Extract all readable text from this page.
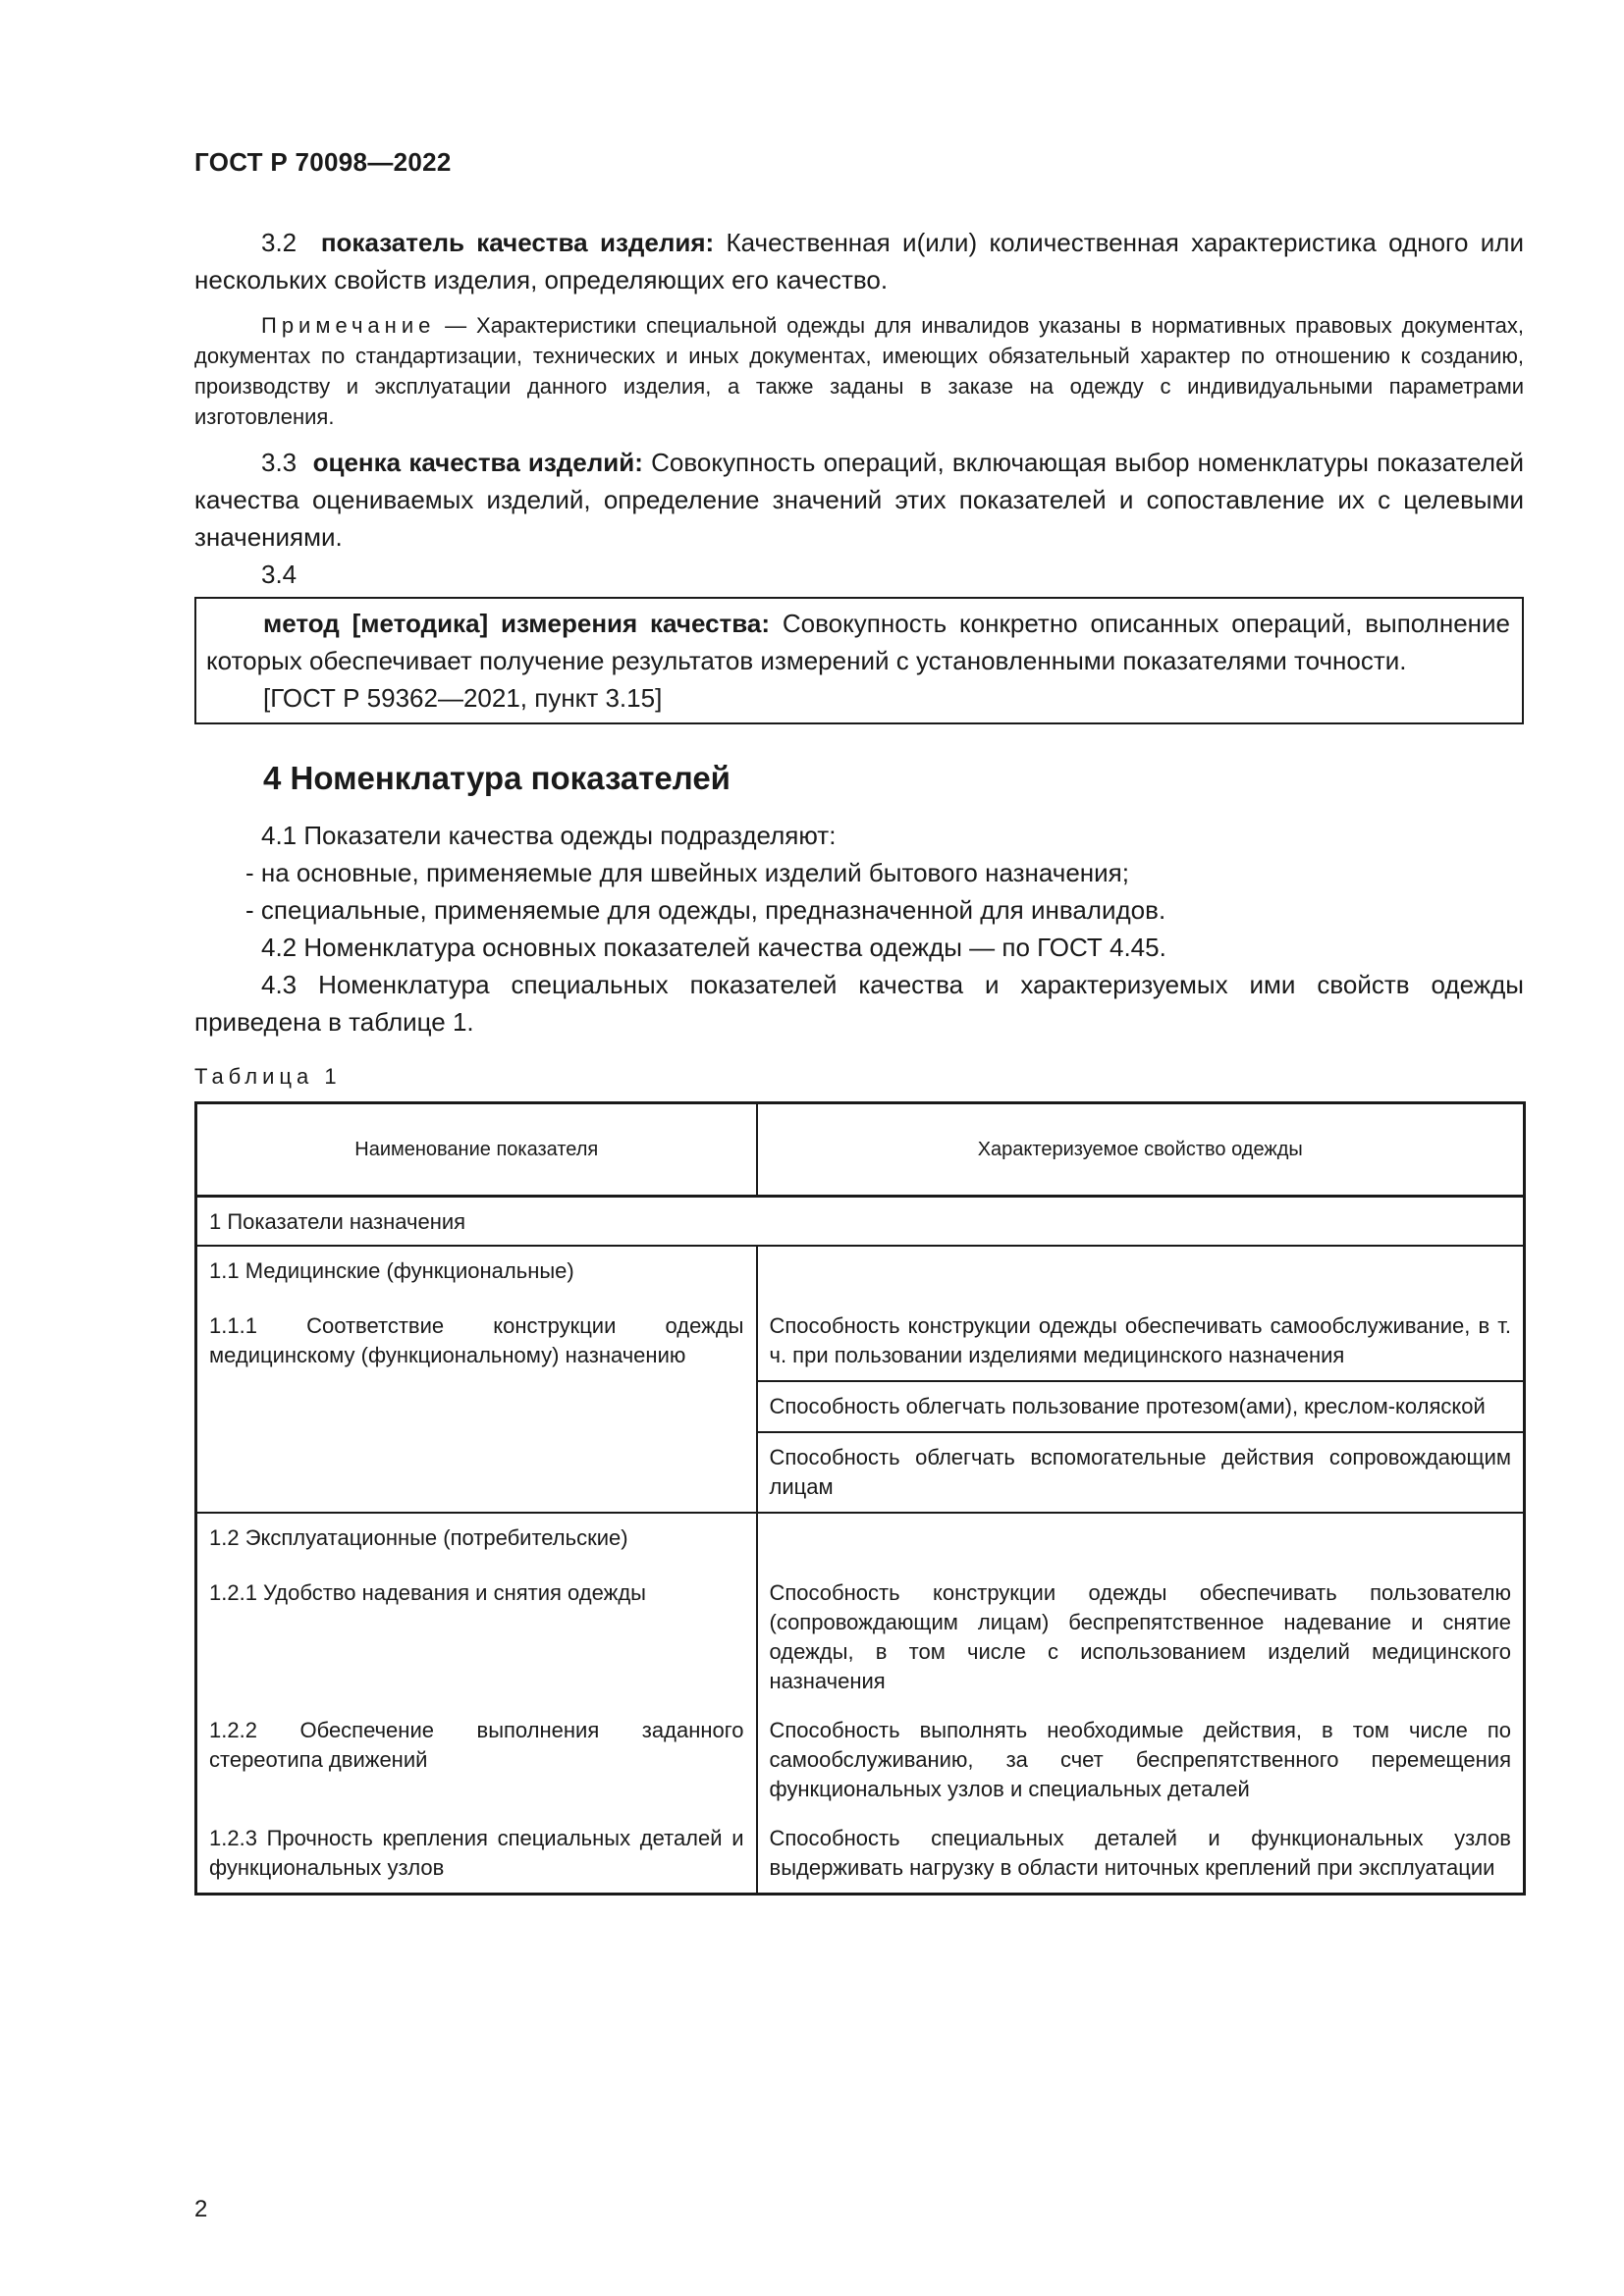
ГОСТ Р 70098—2022

3.2 показатель качества изделия: Качественная и(или) количественная характеристика одного или нескольких свойств изделия, определяющих его качество.

Примечание — Характеристики специальной одежды для инвалидов указаны в нормативных правовых документах, документах по стандартизации, технических и иных документах, имеющих обязательный характер по отношению к созданию, производству и эксплуатации данного изделия, а также заданы в заказе на одежду с индивидуальными параметрами изготовления.

3.3 оценка качества изделий: Совокупность операций, включающая выбор номенклатуры показателей качества оцениваемых изделий, определение значений этих показателей и сопоставление их с целевыми значениями.

3.4

метод [методика] измерения качества: Совокупность конкретно описанных операций, выполнение которых обеспечивает получение результатов измерений с установленными показателями точности.

[ГОСТ Р 59362—2021, пункт 3.15]

4 Номенклатура показателей

4.1 Показатели качества одежды подразделяют:

- на основные, применяемые для швейных изделий бытового назначения;
- специальные, применяемые для одежды, предназначенной для инвалидов.

4.2 Номенклатура основных показателей качества одежды — по ГОСТ 4.45.

4.3 Номенклатура специальных показателей качества и характеризуемых ими свойств одежды приведена в таблице 1.

Таблица 1
Наименование показателя	Характеризуемое свойство одежды
1 Показатели назначения	
1.1 Медицинские (функциональные)	
1.1.1 Соответствие конструкции одежды медицинскому (функциональному) назначению	Способность конструкции одежды обеспечивать самообслуживание, в т. ч. при пользовании изделиями медицинского назначения
	Способность облегчать пользование протезом(ами), креслом-коляской
	Способность облегчать вспомогательные действия сопровождающим лицам
1.2 Эксплуатационные (потребительские)	
1.2.1 Удобство надевания и снятия одежды	Способность конструкции одежды обеспечивать пользователю (сопровождающим лицам) беспрепятственное надевание и снятие одежды, в том числе с использованием изделий медицинского назначения
1.2.2 Обеспечение выполнения заданного стереотипа движений	Способность выполнять необходимые действия, в том числе по самообслуживанию, за счет беспрепятственного перемещения функциональных узлов и специальных деталей
1.2.3 Прочность крепления специальных деталей и функциональных узлов	Способность специальных деталей и функциональных узлов выдерживать нагрузку в области ниточных креплений при эксплуатации
2
